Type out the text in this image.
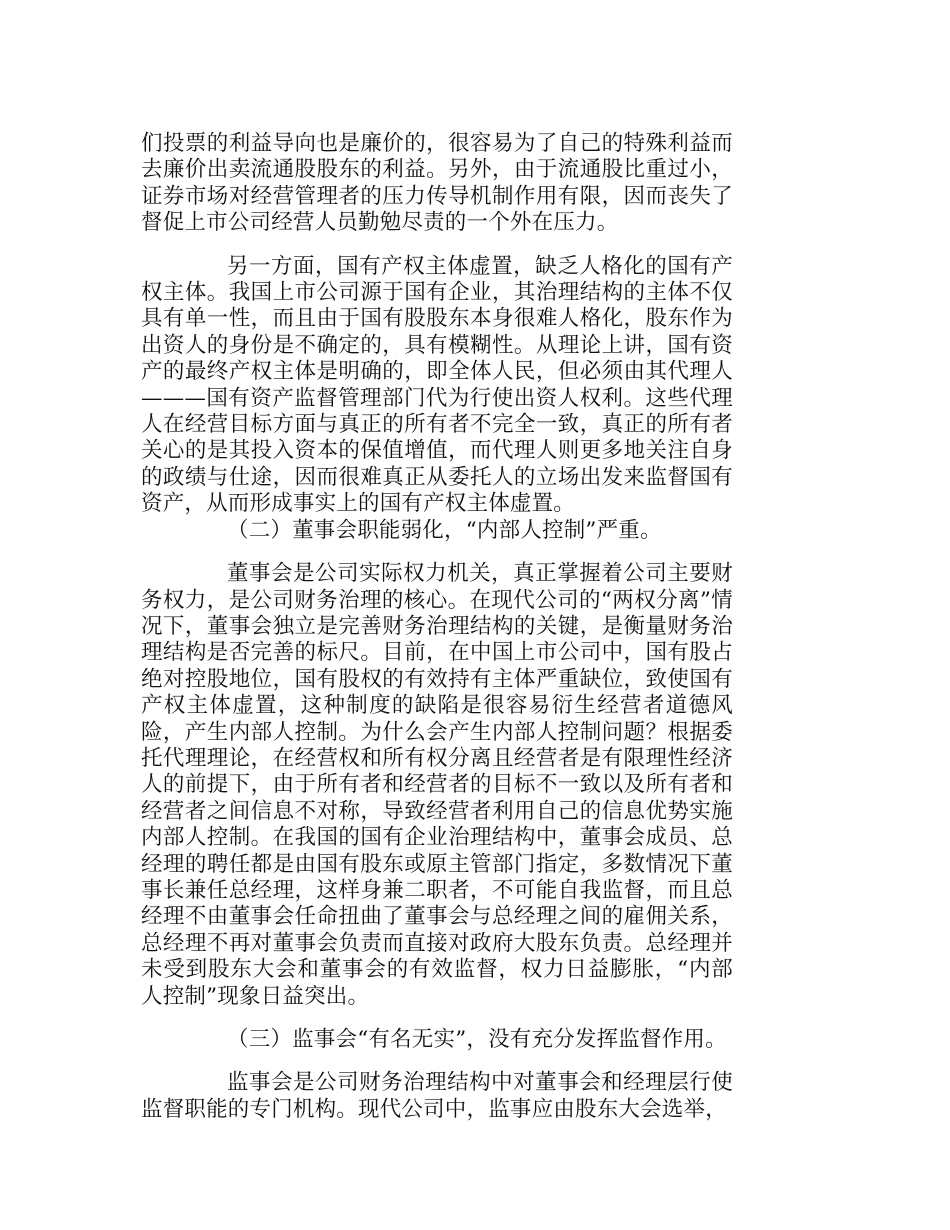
们投票的利益导向也是廉价的，很容易为了自己的特殊利益而去廉价出卖流通股股东的利益。另外，由于流通股比重过小，证券市场对经营管理者的压力传导机制作用有限，因而丧失了督促上市公司经营人员勤勉尽责的一个外在压力。

另一方面，国有产权主体虚置，缺乏人格化的国有产权主体。我国上市公司源于国有企业，其治理结构的主体不仅具有单一性，而且由于国有股股东本身很难人格化，股东作为出资人的身份是不确定的，具有模糊性。从理论上讲，国有资产的最终产权主体是明确的，即全体人民，但必须由其代理人———国有资产监督管理部门代为行使出资人权利。这些代理人在经营目标方面与真正的所有者不完全一致，真正的所有者关心的是其投入资本的保值增值，而代理人则更多地关注自身的政绩与仕途，因而很难真正从委托人的立场出发来监督国有资产，从而形成事实上的国有产权主体虚置。

（二）董事会职能弱化，“内部人控制”严重。

董事会是公司实际权力机关，真正掌握着公司主要财务权力，是公司财务治理的核心。在现代公司的“两权分离”情况下，董事会独立是完善财务治理结构的关键，是衡量财务治理结构是否完善的标尺。目前，在中国上市公司中，国有股占绝对控股地位，国有股权的有效持有主体严重缺位，致使国有产权主体虚置，这种制度的缺陷是很容易衍生经营者道德风险，产生内部人控制。为什么会产生内部人控制问题？根据委托代理理论，在经营权和所有权分离且经营者是有限理性经济人的前提下，由于所有者和经营者的目标不一致以及所有者和经营者之间信息不对称，导致经营者利用自己的信息优势实施内部人控制。在我国的国有企业治理结构中，董事会成员、总经理的聘任都是由国有股东或原主管部门指定，多数情况下董事长兼任总经理，这样身兼二职者，不可能自我监督，而且总经理不由董事会任命扭曲了董事会与总经理之间的雇佣关系，总经理不再对董事会负责而直接对政府大股东负责。总经理并未受到股东大会和董事会的有效监督，权力日益膨胀，“内部人控制”现象日益突出。

（三）监事会“有名无实”，没有充分发挥监督作用。

监事会是公司财务治理结构中对董事会和经理层行使监督职能的专门机构。现代公司中，监事应由股东大会选举，
